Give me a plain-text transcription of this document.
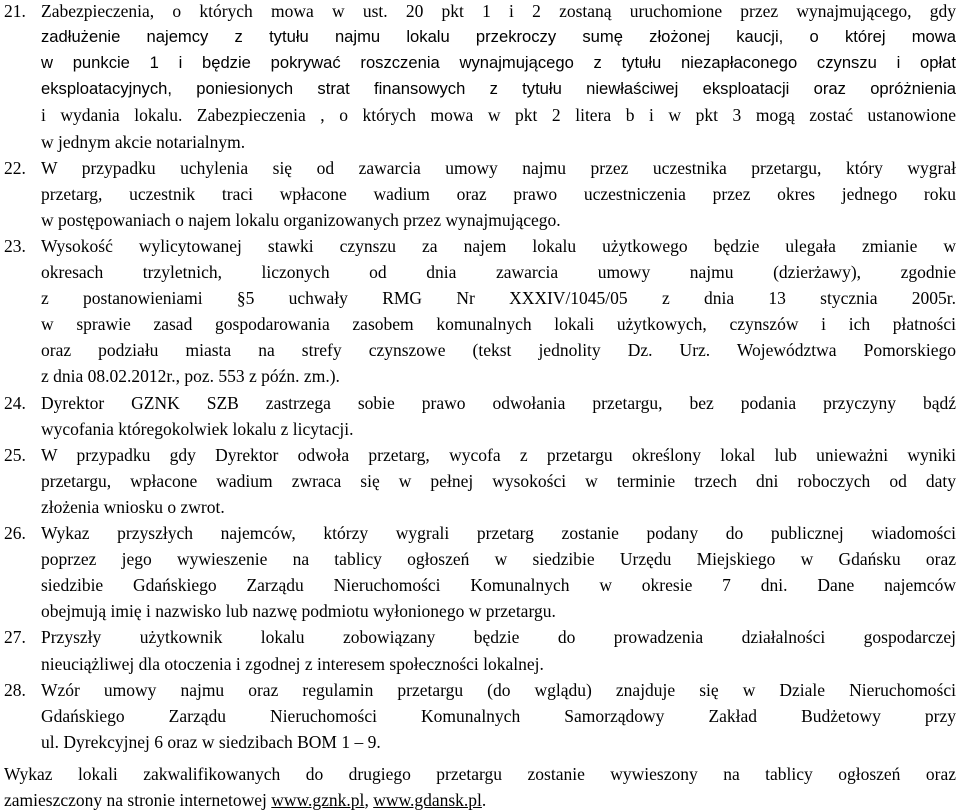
21. Zabezpieczenia, o których mowa w ust. 20 pkt 1 i 2 zostaną uruchomione przez wynajmującego, gdy
zadłużenie najemcy z tytułu najmu lokalu przekroczy sumę złożonej kaucji, o której mowa
w punkcie 1 i będzie pokrywać roszczenia wynajmującego z tytułu niezapłaconego czynszu i opłat
eksploatacyjnych, poniesionych strat finansowych z tytułu niewłaściwej eksploatacji oraz opróżnienia
i wydania lokalu. Zabezpieczenia , o których mowa w pkt 2 litera b i w pkt 3 mogą zostać ustanowione
w jednym akcie notarialnym.
22. W przypadku uchylenia się od zawarcia umowy najmu przez uczestnika przetargu, który wygrał
przetarg, uczestnik traci wpłacone wadium oraz prawo uczestniczenia przez okres jednego roku
w postępowaniach o najem lokalu organizowanych przez wynajmującego.
23. Wysokość wylicytowanej stawki czynszu za najem lokalu użytkowego będzie ulegała zmianie w
okresach trzyletnich, liczonych od dnia zawarcia umowy najmu (dzierżawy), zgodnie
z postanowieniami §5 uchwały RMG Nr XXXIV/1045/05 z dnia 13 stycznia 2005r.
w sprawie zasad gospodarowania zasobem komunalnych lokali użytkowych, czynszów i ich płatności
oraz podziału miasta na strefy czynszowe (tekst jednolity Dz. Urz. Województwa Pomorskiego
z dnia 08.02.2012r., poz. 553 z późn. zm.).
24. Dyrektor GZNK SZB zastrzega sobie prawo odwołania przetargu, bez podania przyczyny bądź
wycofania któregokolwiek lokalu z licytacji.
25. W przypadku gdy Dyrektor odwoła przetarg, wycofa z przetargu określony lokal lub unieważni wyniki
przetargu, wpłacone wadium zwraca się w pełnej wysokości w terminie trzech dni roboczych od daty
złożenia wniosku o zwrot.
26. Wykaz przyszłych najemców, którzy wygrali przetarg zostanie podany do publicznej wiadomości
poprzez jego wywieszenie na tablicy ogłoszeń w siedzibie Urzędu Miejskiego w Gdańsku oraz
siedzibie Gdańskiego Zarządu Nieruchomości Komunalnych w okresie 7 dni. Dane najemców
obejmują imię i nazwisko lub nazwę podmiotu wyłonionego w przetargu.
27. Przyszły użytkownik lokalu zobowiązany będzie do prowadzenia działalności gospodarczej
nieuciążliwej dla otoczenia i zgodnej z interesem społeczności lokalnej.
28. Wzór umowy najmu oraz regulamin przetargu (do wglądu) znajduje się w Dziale Nieruchomości
Gdańskiego Zarządu Nieruchomości Komunalnych Samorządowy Zakład Budżetowy przy
ul. Dyrekcyjnej 6 oraz w siedzibach BOM 1 – 9.
Wykaz lokali zakwalifikowanych do drugiego przetargu zostanie wywieszony na tablicy ogłoszeń oraz
zamieszczony na stronie internetowej www.gznk.pl, www.gdansk.pl.
